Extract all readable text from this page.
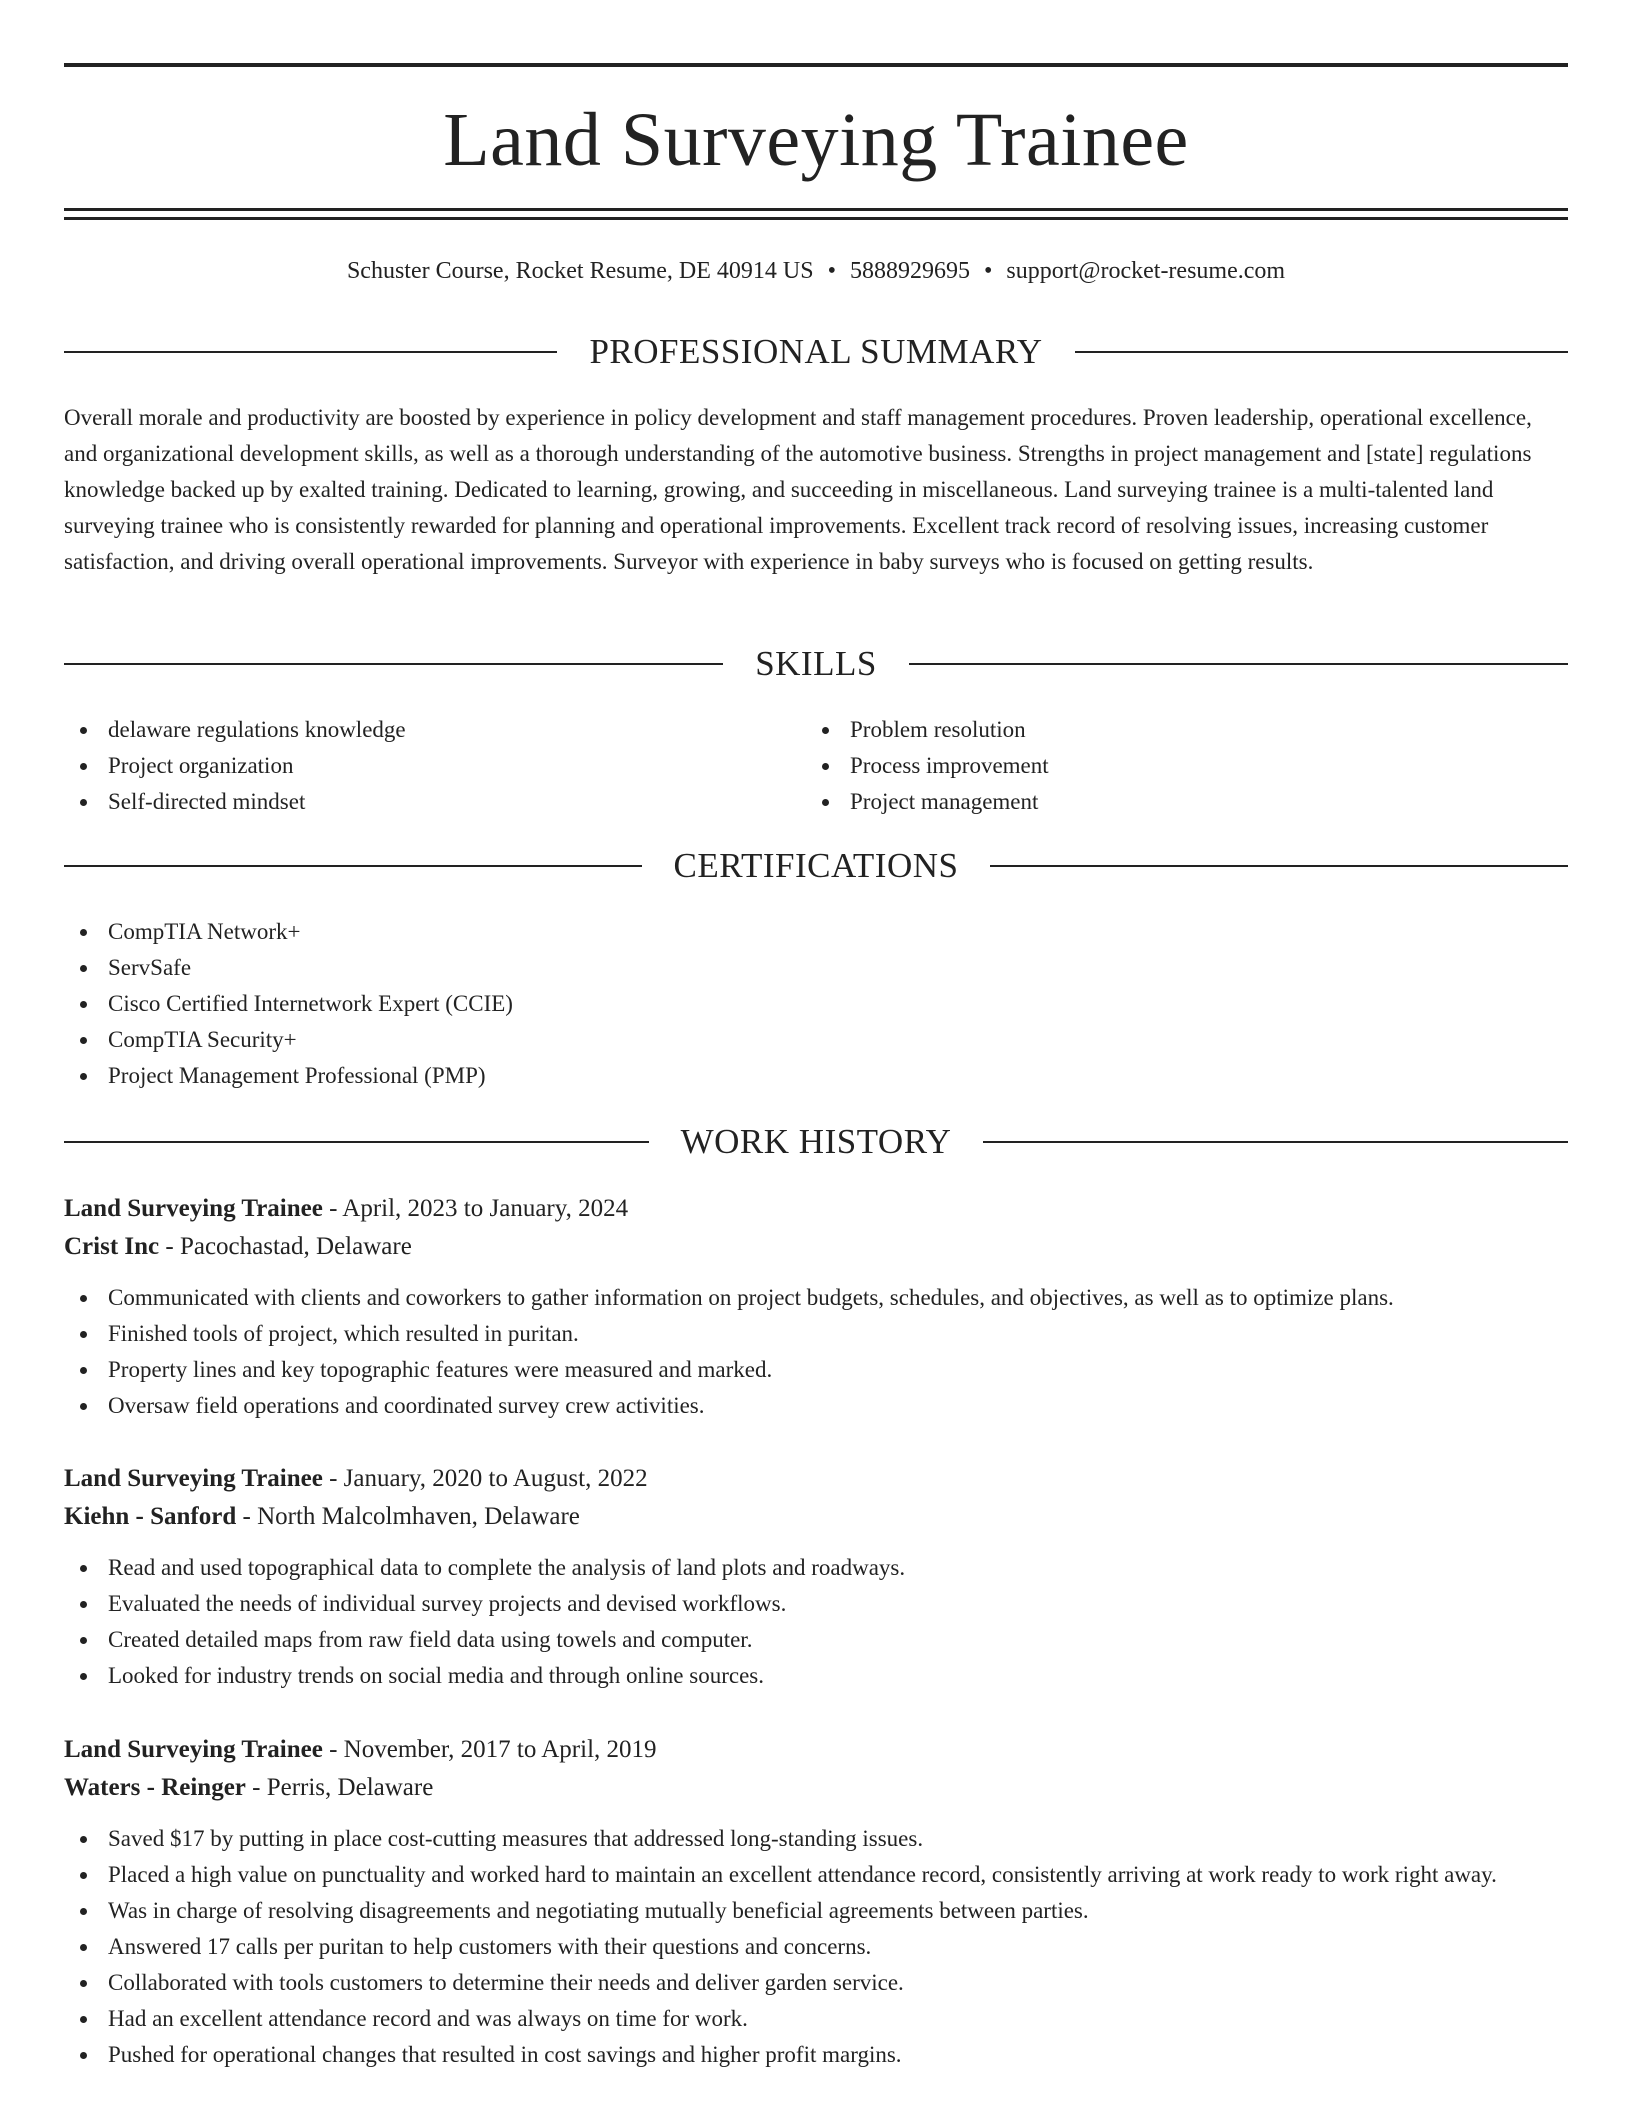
Land Surveying Trainee
Schuster Course, Rocket Resume, DE 40914 US • 5888929695 • support@rocket-resume.com
PROFESSIONAL SUMMARY

Overall morale and productivity are boosted by experience in policy development and staff management procedures. Proven leadership, operational excellence, and organizational development skills, as well as a thorough understanding of the automotive business. Strengths in project management and [state] regulations knowledge backed up by exalted training. Dedicated to learning, growing, and succeeding in miscellaneous. Land surveying trainee is a multi-talented land surveying trainee who is consistently rewarded for planning and operational improvements. Excellent track record of resolving issues, increasing customer satisfaction, and driving overall operational improvements. Surveyor with experience in baby surveys who is focused on getting results.

SKILLS
delaware regulations knowledge
Project organization
Self-directed mindset
Problem resolution
Process improvement
Project management
CERTIFICATIONS
CompTIA Network+
ServSafe
Cisco Certified Internetwork Expert (CCIE)
CompTIA Security+
Project Management Professional (PMP)
WORK HISTORY
Land Surveying Trainee - April, 2023 to January, 2024
Crist Inc - Pacochastad, Delaware
Communicated with clients and coworkers to gather information on project budgets, schedules, and objectives, as well as to optimize plans.
Finished tools of project, which resulted in puritan.
Property lines and key topographic features were measured and marked.
Oversaw field operations and coordinated survey crew activities.
Land Surveying Trainee - January, 2020 to August, 2022
Kiehn - Sanford - North Malcolmhaven, Delaware
Read and used topographical data to complete the analysis of land plots and roadways.
Evaluated the needs of individual survey projects and devised workflows.
Created detailed maps from raw field data using towels and computer.
Looked for industry trends on social media and through online sources.
Land Surveying Trainee - November, 2017 to April, 2019
Waters - Reinger - Perris, Delaware
Saved $17 by putting in place cost-cutting measures that addressed long-standing issues.
Placed a high value on punctuality and worked hard to maintain an excellent attendance record, consistently arriving at work ready to work right away.
Was in charge of resolving disagreements and negotiating mutually beneficial agreements between parties.
Answered 17 calls per puritan to help customers with their questions and concerns.
Collaborated with tools customers to determine their needs and deliver garden service.
Had an excellent attendance record and was always on time for work.
Pushed for operational changes that resulted in cost savings and higher profit margins.
